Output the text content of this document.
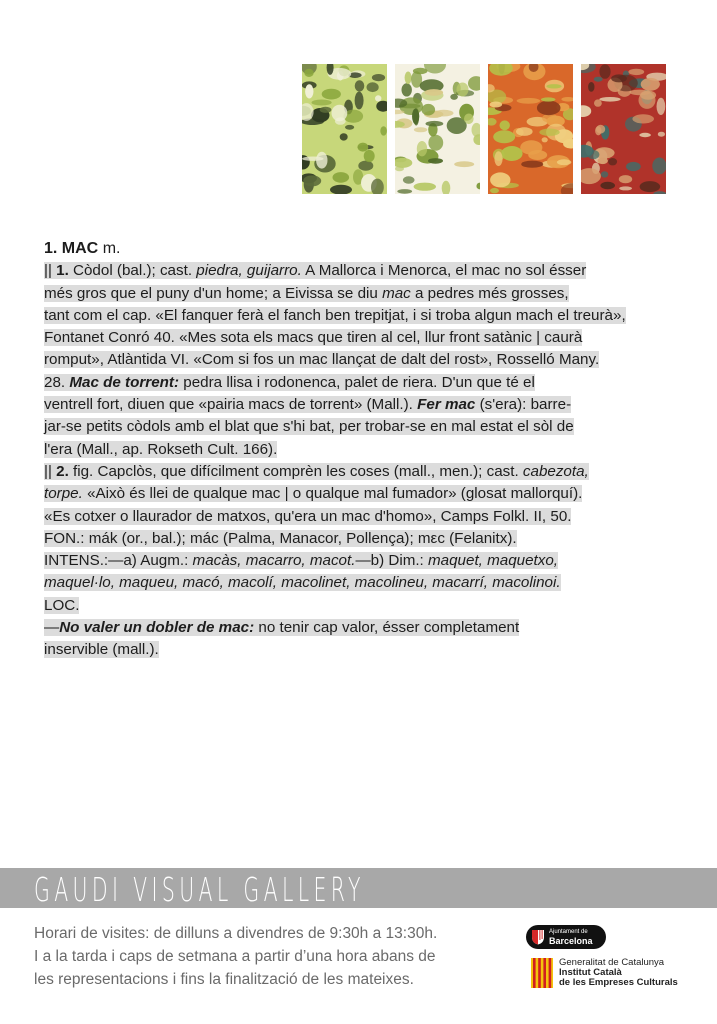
1. MAC m.
|| 1. Còdol (bal.); cast. piedra, guijarro. A Mallorca i Menorca, el mac no sol ésser
més gros que el puny d'un home; a Eivissa se diu mac a pedres més grosses,
tant com el cap. «El fanquer ferà el fanch ben trepitjat, i si troba algun mach el treurà»,
Fontanet Conró 40. «Mes sota els macs que tiren al cel, llur front satànic | caurà
romput», Atlàntida VI. «Com si fos un mac llançat de dalt del rost», Rosselló Many.
28. Mac de torrent: pedra llisa i rodonenca, palet de riera. D'un que té el
ventrell fort, diuen que «pairia macs de torrent» (Mall.). Fer mac (s'era): barre-
jar-se petits còdols amb el blat que s'hi bat, per trobar-se en mal estat el sòl de
l'era (Mall., ap. Rokseth Cult. 166).
|| 2. fig. Capclòs, que difícilment comprèn les coses (mall., men.); cast. cabezota,
torpe. «Això és llei de qualque mac | o qualque mal fumador» (glosat mallorquí).
«Es cotxer o llaurador de matxos, qu'era un mac d'homo», Camps Folkl. II, 50.
FON.: mák (or., bal.); mác (Palma, Manacor, Pollença); mεc (Felanitx).
INTENS.:—a) Augm.: macàs, macarro, macot.—b) Dim.: maquet, maquetxo,
maquel·lo, maqueu, macó, macolí, macolinet, macolineu, macarrí, macolinoi.
LOC.
—No valer un dobler de mac: no tenir cap valor, ésser completament
inservible (mall.).
GAUDI VISUAL GALLERY
Horari de visites: de dilluns a divendres de 9:30h a 13:30h.
I a la tarda i caps de setmana a partir d’una hora abans de
les representacions i fins la finalització de les mateixes.
Ajuntament de
Barcelona
Generalitat de Catalunya
Institut Català
de les Empreses Culturals
